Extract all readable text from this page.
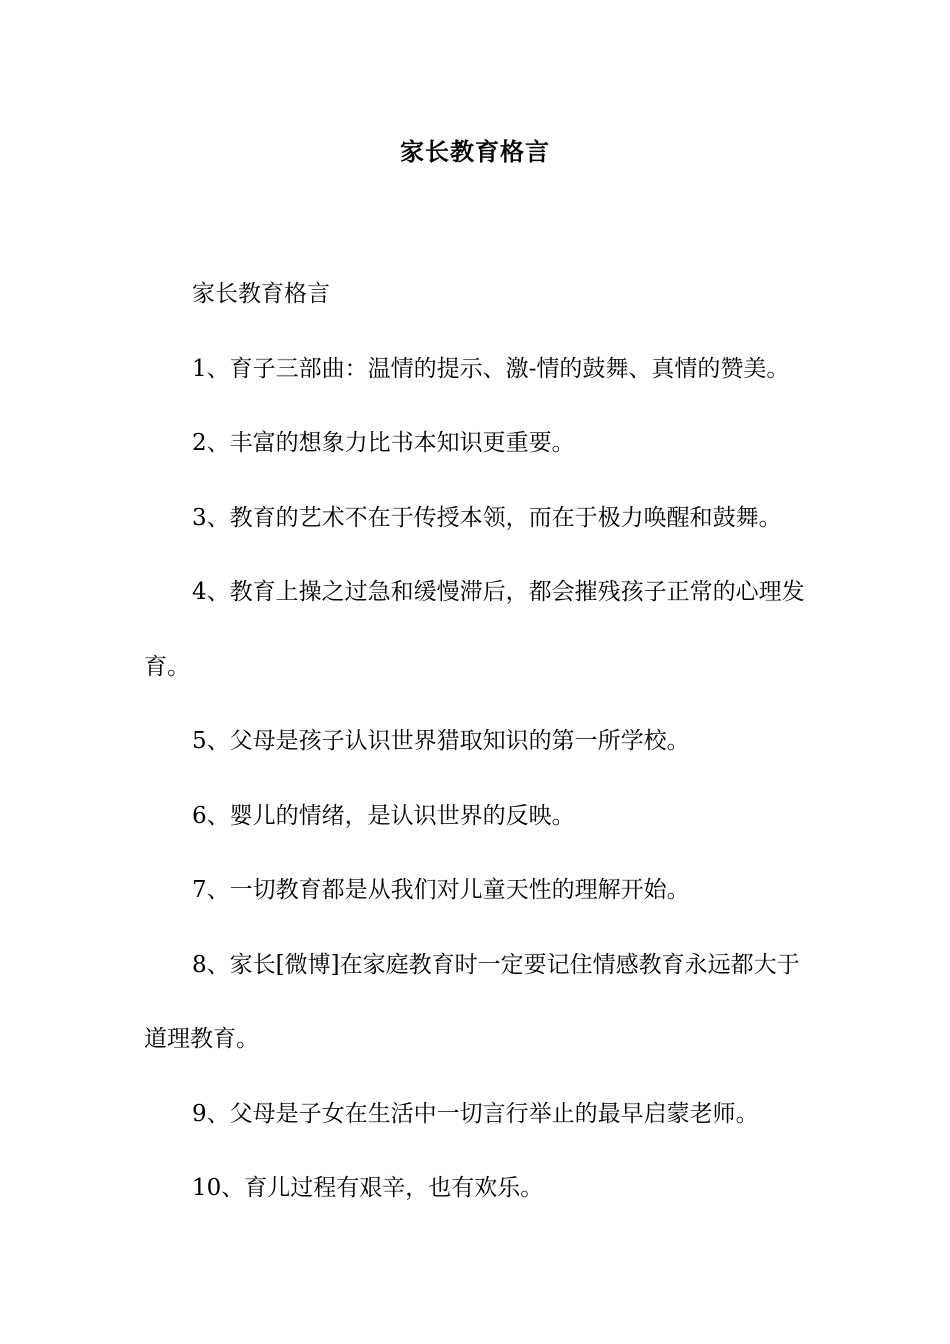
家长教育格言

家长教育格言

1、育子三部曲：温情的提示、激-情的鼓舞、真情的赞美。

2、丰富的想象力比书本知识更重要。

3、教育的艺术不在于传授本领，而在于极力唤醒和鼓舞。

4、教育上操之过急和缓慢滞后，都会摧残孩子正常的心理发育。

5、父母是孩子认识世界猎取知识的第一所学校。

6、婴儿的情绪，是认识世界的反映。

7、一切教育都是从我们对儿童天性的理解开始。

8、家长[微博]在家庭教育时一定要记住情感教育永远都大于道理教育。

9、父母是子女在生活中一切言行举止的最早启蒙老师。

10、育儿过程有艰辛，也有欢乐。
